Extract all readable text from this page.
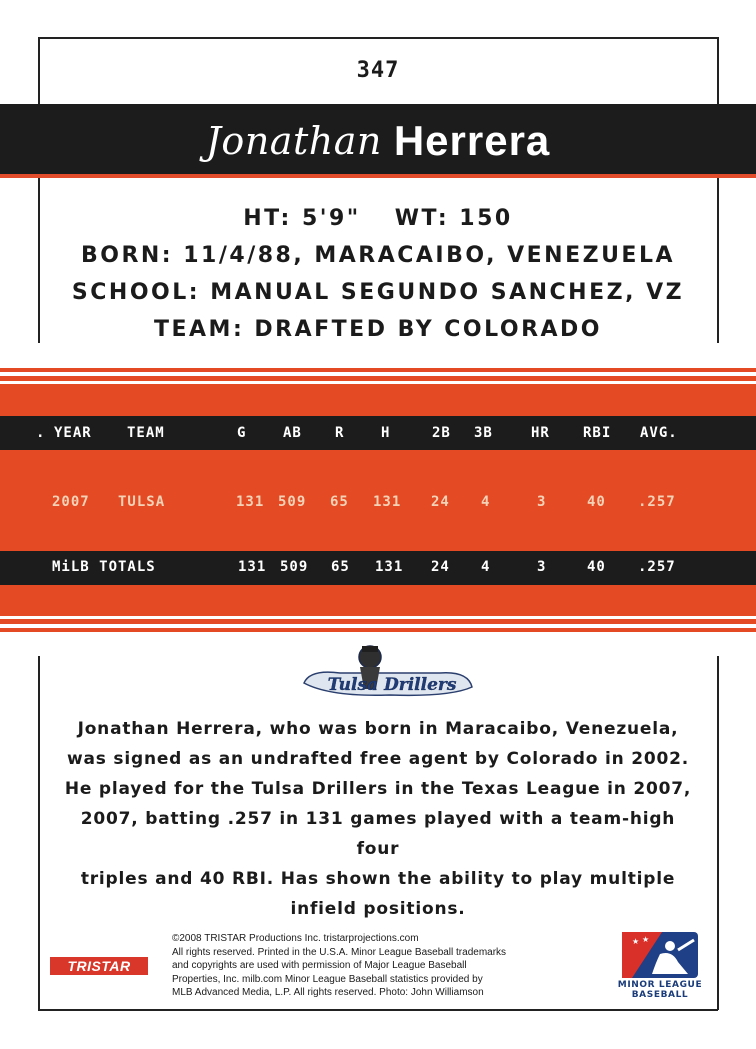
347
Jonathan Herrera
HT: 5'9" WT: 150
BORN: 11/4/88, MARACAIBO, VENEZUELA
SCHOOL: MANUAL SEGUNDO SANCHEZ, VZ
TEAM: DRAFTED BY COLORADO
. YEAR	TEAM	G	AB R	H	2B 3B	HR RBI AVG.
2007 TULSA	131 509 65 131 24 4	3	40 .257
MiLB TOTALS	131 509 65 131 24 4	3	40 .257
Tulsa Drillers
Jonathan Herrera, who was born in Maracaibo, Venezuela,
was signed as an undrafted free agent by Colorado in 2002.
He played for the Tulsa Drillers in the Texas League in 2007,
2007, batting .257 in 131 games played with a team-high four
triples and 40 RBI. Has shown the ability to play multiple
infield positions.
TRISTAR
©2008 TRISTAR Productions Inc. tristarprojections.com
All rights reserved. Printed in the U.S.A. Minor League Baseball trademarks
and copyrights are used with permission of Major League Baseball
Properties, Inc. milb.com Minor League Baseball statistics provided by
MLB Advanced Media, L.P. All rights reserved. Photo: John Williamson
★ ★
MINOR LEAGUE
BASEBALL
